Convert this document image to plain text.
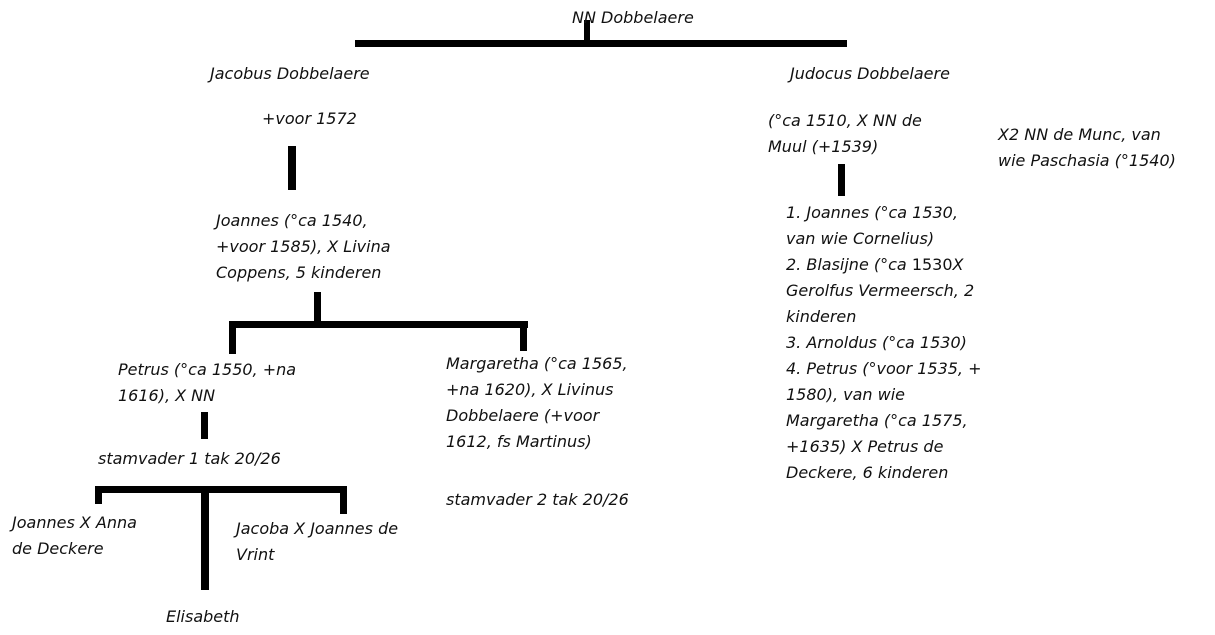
NN Dobbelaere
Jacobus Dobbelaere
+voor 1572
Joannes (°ca 1540,
+voor 1585), X Livina
Coppens, 5 kinderen
Petrus (°ca 1550, +na
1616), X NN
stamvader 1 tak 20/26
Margaretha (°ca 1565,
+na 1620), X Livinus
Dobbelaere (+voor
1612, fs Martinus)
stamvader 2 tak 20/26
Joannes X Anna
de Deckere
Jacoba X Joannes de
Vrint
Elisabeth
Judocus Dobbelaere
(°ca 1510, X NN de
Muul (+1539)
X2 NN de Munc, van
wie Paschasia (°1540)
1. Joannes (°ca 1530,
van wie Cornelius)
2. Blasijne (°ca 1530X
Gerolfus Vermeersch, 2
kinderen
3. Arnoldus (°ca 1530)
4. Petrus (°voor 1535, +
1580), van wie
Margaretha (°ca 1575,
+1635) X Petrus de
Deckere, 6 kinderen
